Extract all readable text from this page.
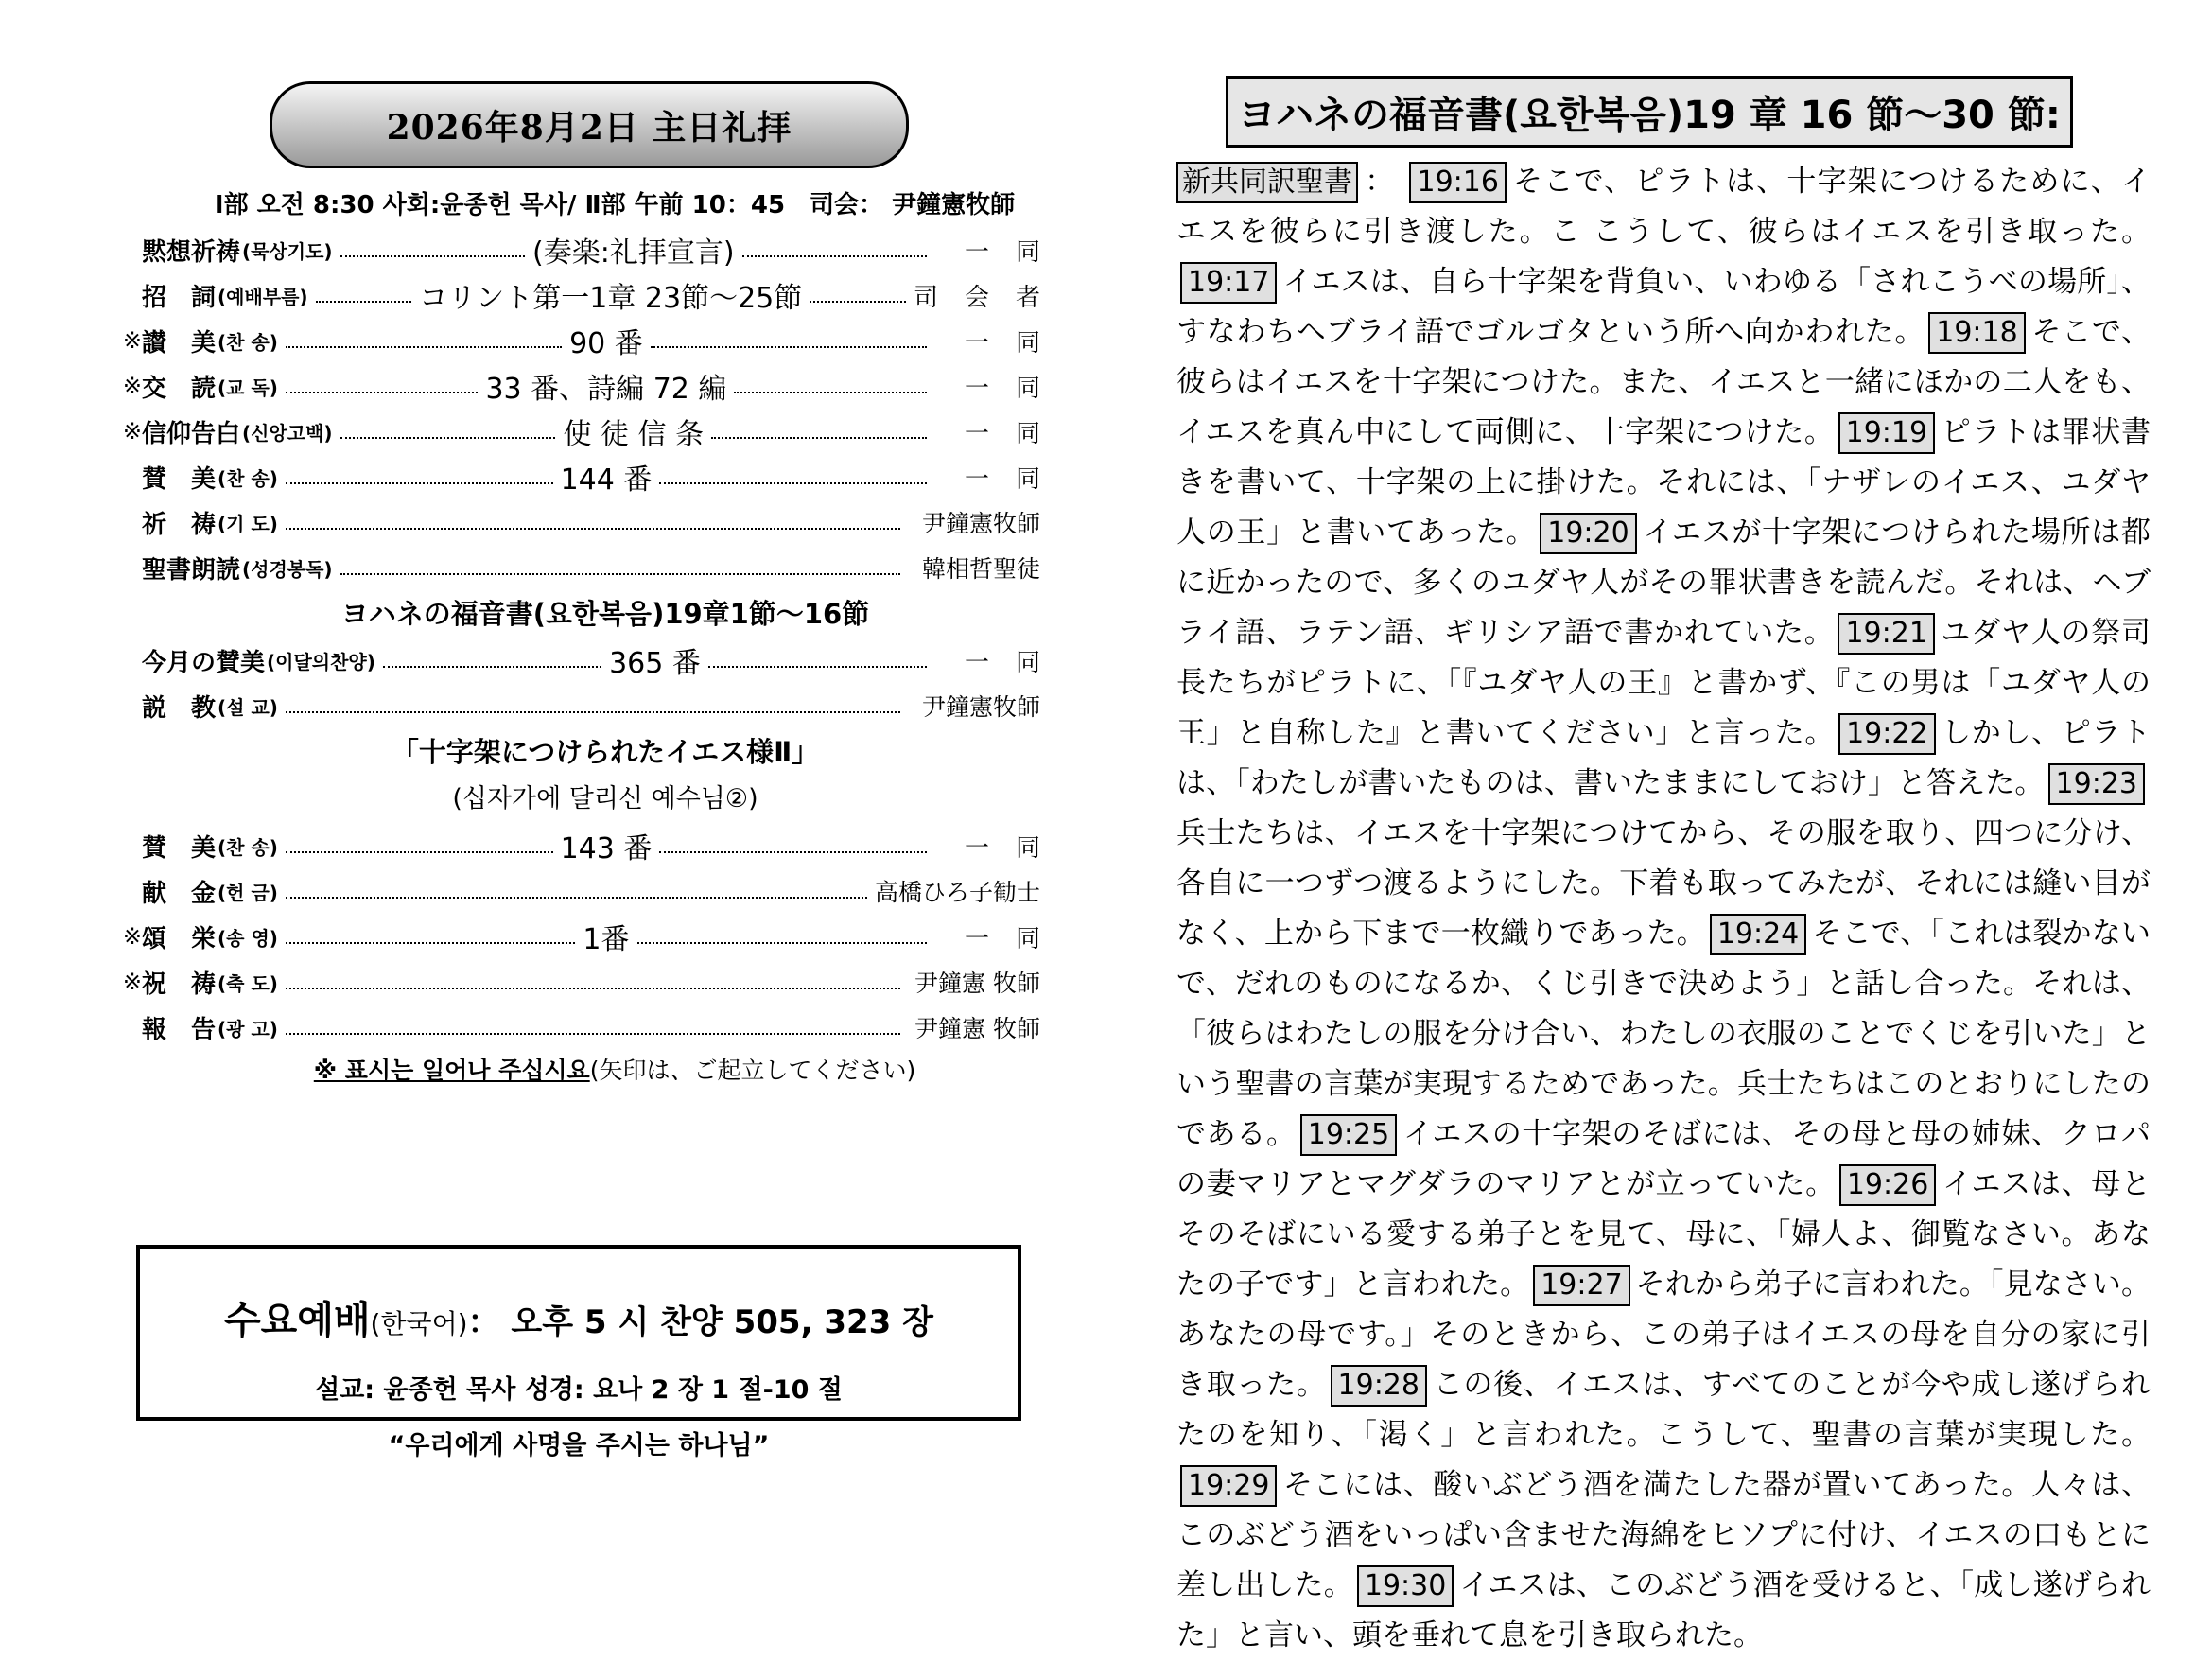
2026年8月2日 主日礼拝
Ⅰ部 오전 8:30 사회:윤종헌 목사/ Ⅱ部 午前 10：45　司会： 尹鐘憲牧師
黙想祈祷 (묵상기도)	(奏楽:礼拝宣言)	一同
招　詞 (예배부름)	コリント第一1章 23節～25節	司会者
※ 讃　美 (찬 송)	90 番	一同
※ 交　読 (교 독)	33 番、詩編 72 編	一同
※ 信仰告白 (신앙고백)	使 徒 信 条	一同
賛　美 (찬 송)	144 番	一同
祈　祷 (기 도)	尹鐘憲牧師
聖書朗読 (성경봉독)	韓相哲聖徒
ヨハネの福音書(요한복음)19章1節～16節
今月の賛美 (이달의찬양)	365 番	一同
説　教 (설 교)	尹鐘憲牧師
「十字架につけられたイエス様Ⅱ」
(십자가에 달리신 예수님②)
賛　美 (찬 송)	143 番	一同
献　金 (헌 금)	高橋ひろ子勧士
※ 頌　栄 (송 영)	1番	一同
※ 祝　祷 (축 도)	尹鐘憲 牧師
報　告 (광 고)	尹鐘憲 牧師
※ 표시는 일어나 주십시요(矢印は、ご起立してください)
수요예배(한국어)： 오후 5 시 찬양 505, 323 장
설교: 윤종헌 목사 성경: 요나 2 장 1 절-10 절
“우리에게 사명을 주시는 하나님”
ヨハネの福音書(요한복음)19 章 16 節～30 節:
新共同訳聖書 ： 19:16 そこで、ピラトは、十字架につけるために、イエスを彼らに引き渡した。こ こうして、彼らはイエスを引き取った。19:17 イエスは、自ら十字架を背負い、いわゆる「されこうべの場所」、すなわちヘブライ語でゴルゴタという所へ向かわれた。 19:18 そこで、彼らはイエスを十字架につけた。また、イエスと一緒にほかの二人をも、イエスを真ん中にして両側に、十字架につけた。 19:19 ピラトは罪状書きを書いて、十字架の上に掛けた。それには、「ナザレのイエス、ユダヤ人の王」と書いてあった。 19:20 イエスが十字架につけられた場所は都に近かったので、多くのユダヤ人がその罪状書きを読んだ。それは、ヘブライ語、ラテン語、ギリシア語で書かれていた。 19:21 ユダヤ人の祭司長たちがピラトに、「『ユダヤ人の王』と書かず、『この男は「ユダヤ人の王」と自称した』と書いてください」と言った。 19:22 しかし、ピラトは、「わたしが書いたものは、書いたままにしておけ」と答えた。 19:23兵士たちは、イエスを十字架につけてから、その服を取り、四つに分け、各自に一つずつ渡るようにした。下着も取ってみたが、それには縫い目がなく、上から下まで一枚織りであった。 19:24 そこで、「これは裂かないで、だれのものになるか、くじ引きで決めよう」と話し合った。それは、「彼らはわたしの服を分け合い、わたしの衣服のことでくじを引いた」という聖書の言葉が実現するためであった。兵士たちはこのとおりにしたのである。 19:25 イエスの十字架のそばには、その母と母の姉妹、クロパの妻マリアとマグダラのマリアとが立っていた。 19:26 イエスは、母とそのそばにいる愛する弟子とを見て、母に、「婦人よ、御覧なさい。あなたの子です」と言われた。 19:27 それから弟子に言われた。「見なさい。あなたの母です。」そのときから、この弟子はイエスの母を自分の家に引き取った。 19:28 この後、イエスは、すべてのことが今や成し遂げられたのを知り、「渇く」と言われた。こうして、聖書の言葉が実現した。19:29 そこには、酸いぶどう酒を満たした器が置いてあった。人々は、このぶどう酒をいっぱい含ませた海綿をヒソプに付け、イエスの口もとに差し出した。 19:30 イエスは、このぶどう酒を受けると、「成し遂げられた」と言い、頭を垂れて息を引き取られた。
